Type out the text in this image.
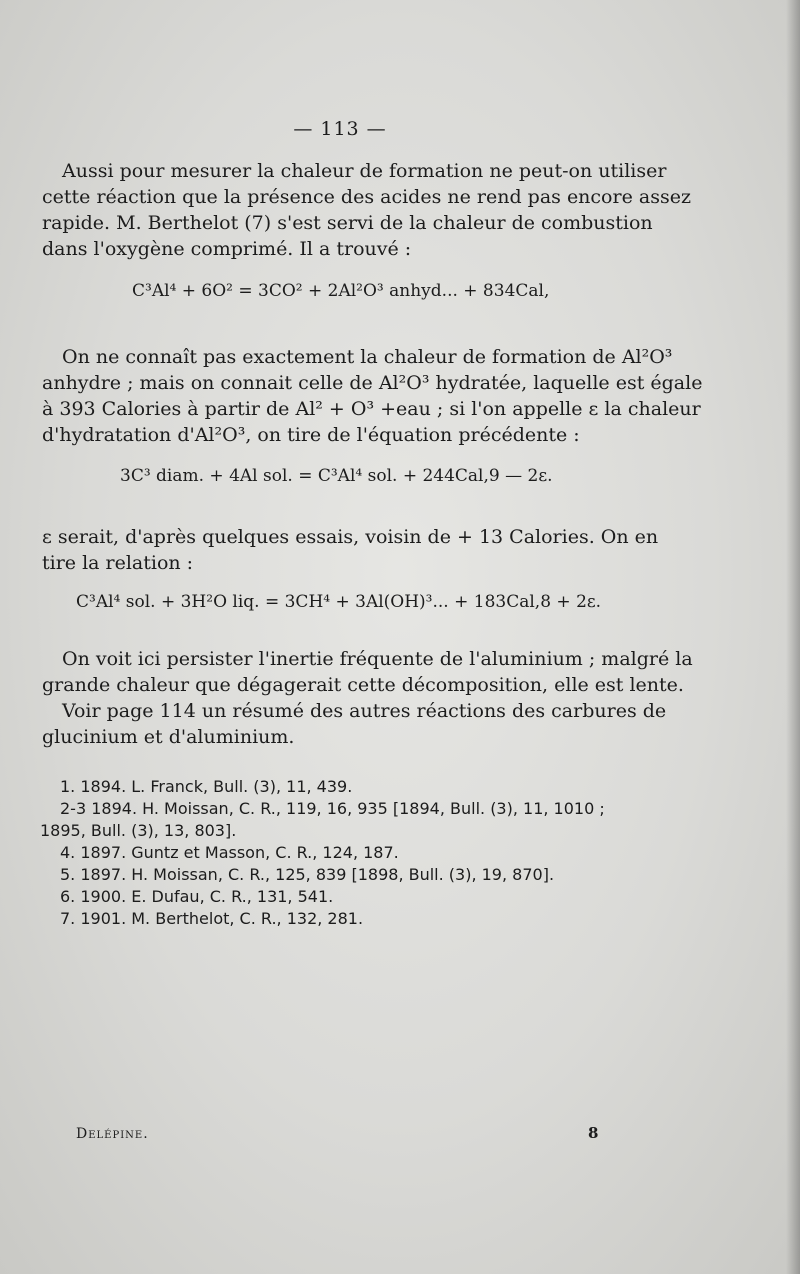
— 113 —
Aussi pour mesurer la chaleur de formation ne peut-on utiliser
cette réaction que la présence des acides ne rend pas encore assez
rapide. M. Berthelot (7) s'est servi de la chaleur de combustion
dans l'oxygène comprimé. Il a trouvé :
C³Al⁴ + 6O² = 3CO² + 2Al²O³ anhyd... + 834Cal,
On ne connaît pas exactement la chaleur de formation de Al²O³
anhydre ; mais on connait celle de Al²O³ hydratée, laquelle est égale
à 393 Calories à partir de Al² + O³ +eau ; si l'on appelle ε la chaleur
d'hydratation d'Al²O³, on tire de l'équation précédente :
3C³ diam. + 4Al sol. = C³Al⁴ sol. + 244Cal,9 — 2ε.
ε serait, d'après quelques essais, voisin de + 13 Calories. On en
tire la relation :
C³Al⁴ sol. + 3H²O liq. = 3CH⁴ + 3Al(OH)³... + 183Cal,8 + 2ε.
On voit ici persister l'inertie fréquente de l'aluminium ; malgré la
grande chaleur que dégagerait cette décomposition, elle est lente.
Voir page 114 un résumé des autres réactions des carbures de
glucinium et d'aluminium.
1. 1894. L. Franck, Bull. (3), 11, 439.
2-3 1894. H. Moissan, C. R., 119, 16, 935 [1894, Bull. (3), 11, 1010 ;
1895, Bull. (3), 13, 803].
4. 1897. Guntz et Masson, C. R., 124, 187.
5. 1897. H. Moissan, C. R., 125, 839 [1898, Bull. (3), 19, 870].
6. 1900. E. Dufau, C. R., 131, 541.
7. 1901. M. Berthelot, C. R., 132, 281.
Delépine.	8
